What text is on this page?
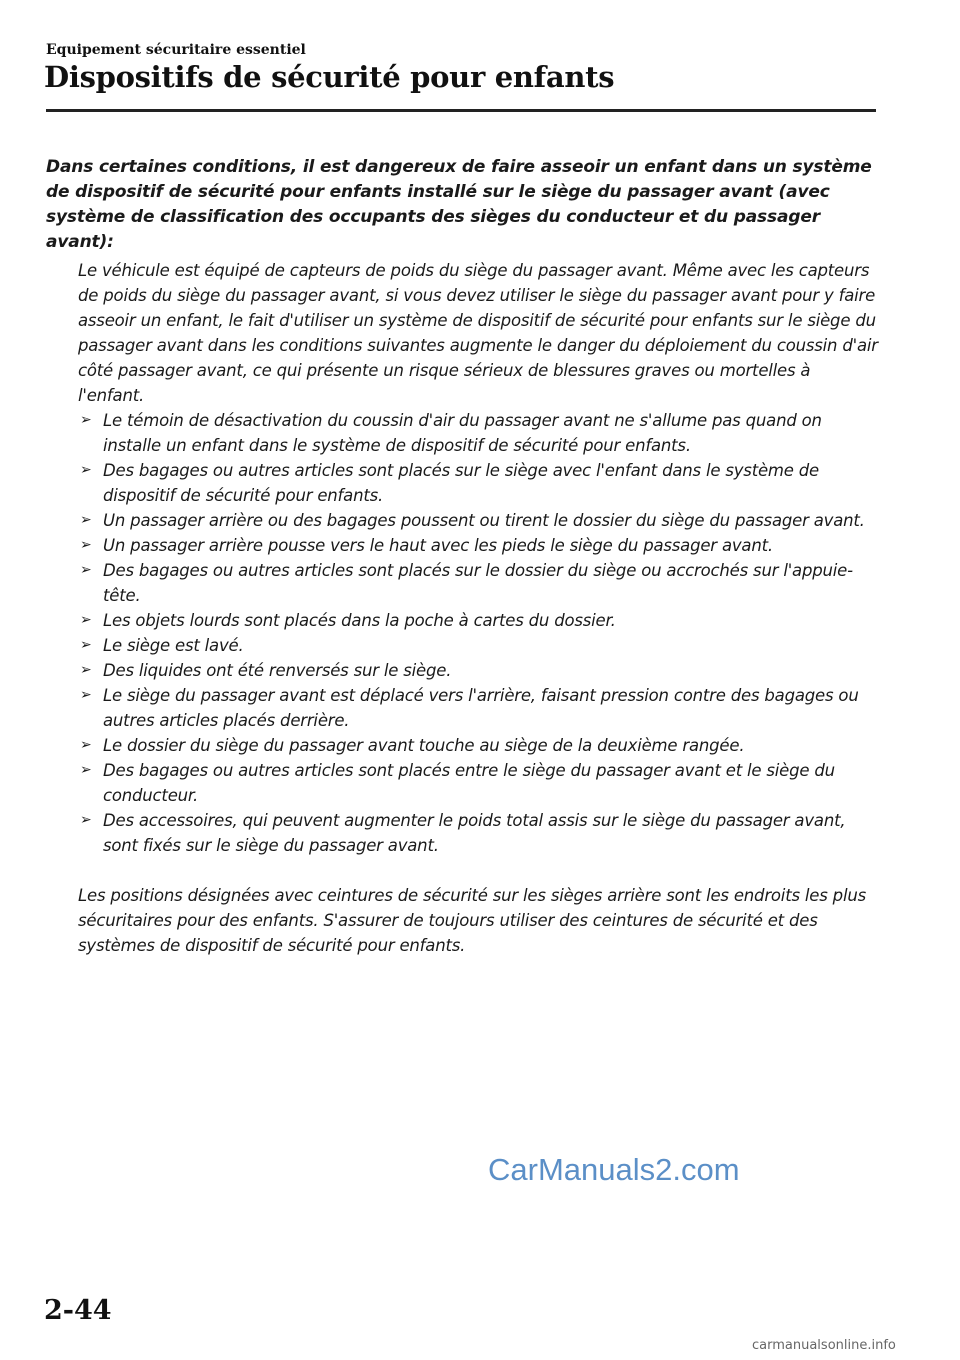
Equipement sécuritaire essentiel
Dispositifs de sécurité pour enfants
Dans certaines conditions, il est dangereux de faire asseoir un enfant dans un système de dispositif de sécurité pour enfants installé sur le siège du passager avant (avec système de classification des occupants des sièges du conducteur et du passager avant):
Le véhicule est équipé de capteurs de poids du siège du passager avant. Même avec les capteurs de poids du siège du passager avant, si vous devez utiliser le siège du passager avant pour y faire asseoir un enfant, le fait d'utiliser un système de dispositif de sécurité pour enfants sur le siège du passager avant dans les conditions suivantes augmente le danger du déploiement du coussin d'air côté passager avant, ce qui présente un risque sérieux de blessures graves ou mortelles à l'enfant.
➢ Le témoin de désactivation du coussin d'air du passager avant ne s'allume pas quand on installe un enfant dans le système de dispositif de sécurité pour enfants.
➢ Des bagages ou autres articles sont placés sur le siège avec l'enfant dans le système de dispositif de sécurité pour enfants.
➢ Un passager arrière ou des bagages poussent ou tirent le dossier du siège du passager avant.
➢ Un passager arrière pousse vers le haut avec les pieds le siège du passager avant.
➢ Des bagages ou autres articles sont placés sur le dossier du siège ou accrochés sur l'appuie-tête.
➢ Les objets lourds sont placés dans la poche à cartes du dossier.
➢ Le siège est lavé.
➢ Des liquides ont été renversés sur le siège.
➢ Le siège du passager avant est déplacé vers l'arrière, faisant pression contre des bagages ou autres articles placés derrière.
➢ Le dossier du siège du passager avant touche au siège de la deuxième rangée.
➢ Des bagages ou autres articles sont placés entre le siège du passager avant et le siège du conducteur.
➢ Des accessoires, qui peuvent augmenter le poids total assis sur le siège du passager avant, sont fixés sur le siège du passager avant.
Les positions désignées avec ceintures de sécurité sur les sièges arrière sont les endroits les plus sécuritaires pour des enfants. S'assurer de toujours utiliser des ceintures de sécurité et des systèmes de dispositif de sécurité pour enfants.
CarManuals2.com
2-44
carmanualsonline.info
